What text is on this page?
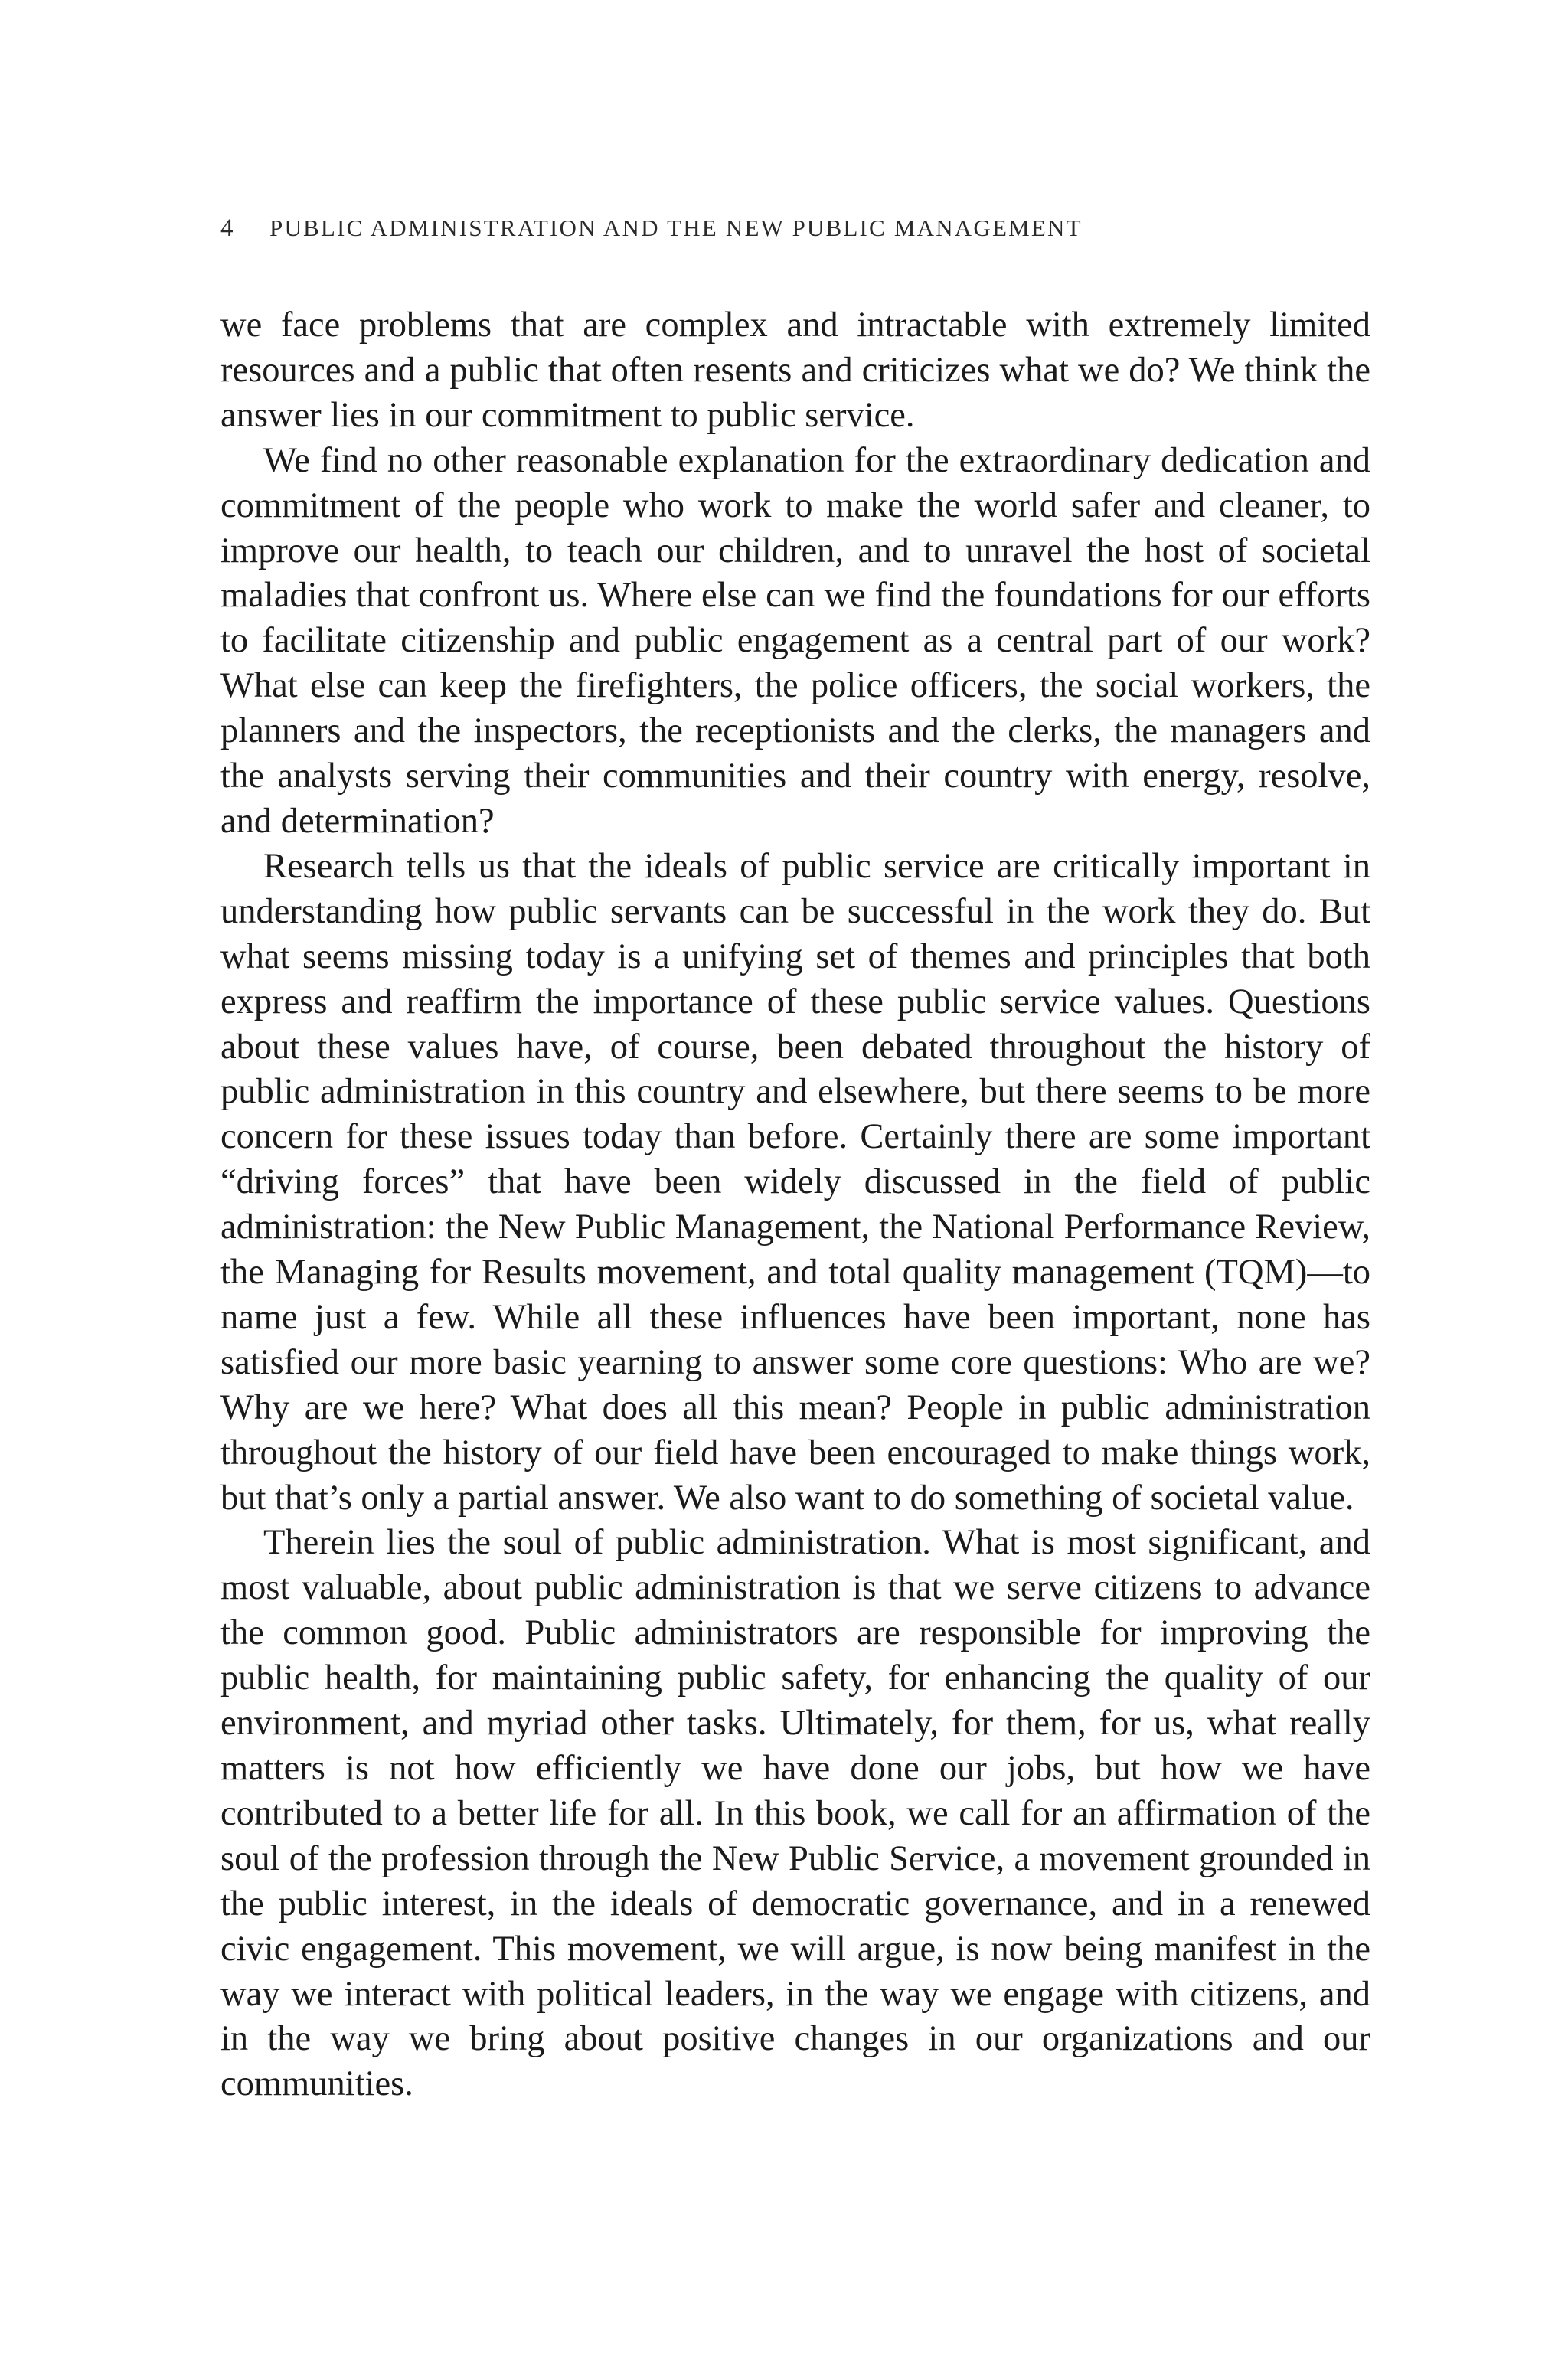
4 PUBLIC ADMINISTRATION AND THE NEW PUBLIC MANAGEMENT

we face problems that are complex and intractable with extremely limited resources and a public that often resents and criticizes what we do? We think the answer lies in our commitment to public service.

We find no other reasonable explanation for the extraordinary dedication and commitment of the people who work to make the world safer and cleaner, to improve our health, to teach our children, and to unravel the host of societal maladies that confront us. Where else can we find the foundations for our efforts to facilitate citizenship and public engagement as a central part of our work? What else can keep the firefighters, the police officers, the social workers, the planners and the inspectors, the receptionists and the clerks, the managers and the analysts serving their communities and their country with energy, resolve, and determination?

Research tells us that the ideals of public service are critically important in understanding how public servants can be successful in the work they do. But what seems missing today is a unifying set of themes and principles that both express and reaffirm the importance of these public service values. Questions about these values have, of course, been debated throughout the history of public administration in this country and elsewhere, but there seems to be more concern for these issues today than before. Certainly there are some important “driving forces” that have been widely discussed in the field of public administration: the New Public Management, the National Performance Review, the Managing for Results movement, and total quality management (TQM)—to name just a few. While all these influences have been important, none has satisfied our more basic yearning to answer some core questions: Who are we? Why are we here? What does all this mean? People in public administration throughout the history of our field have been encouraged to make things work, but that’s only a partial answer. We also want to do something of societal value.

Therein lies the soul of public administration. What is most significant, and most valuable, about public administration is that we serve citizens to advance the common good. Public administrators are responsible for improving the public health, for maintaining public safety, for enhancing the quality of our environment, and myriad other tasks. Ultimately, for them, for us, what really matters is not how efficiently we have done our jobs, but how we have contributed to a better life for all. In this book, we call for an affirmation of the soul of the profession through the New Public Service, a movement grounded in the public interest, in the ideals of democratic governance, and in a renewed civic engagement. This movement, we will argue, is now being manifest in the way we interact with political leaders, in the way we engage with citizens, and in the way we bring about positive changes in our organizations and our communities.
